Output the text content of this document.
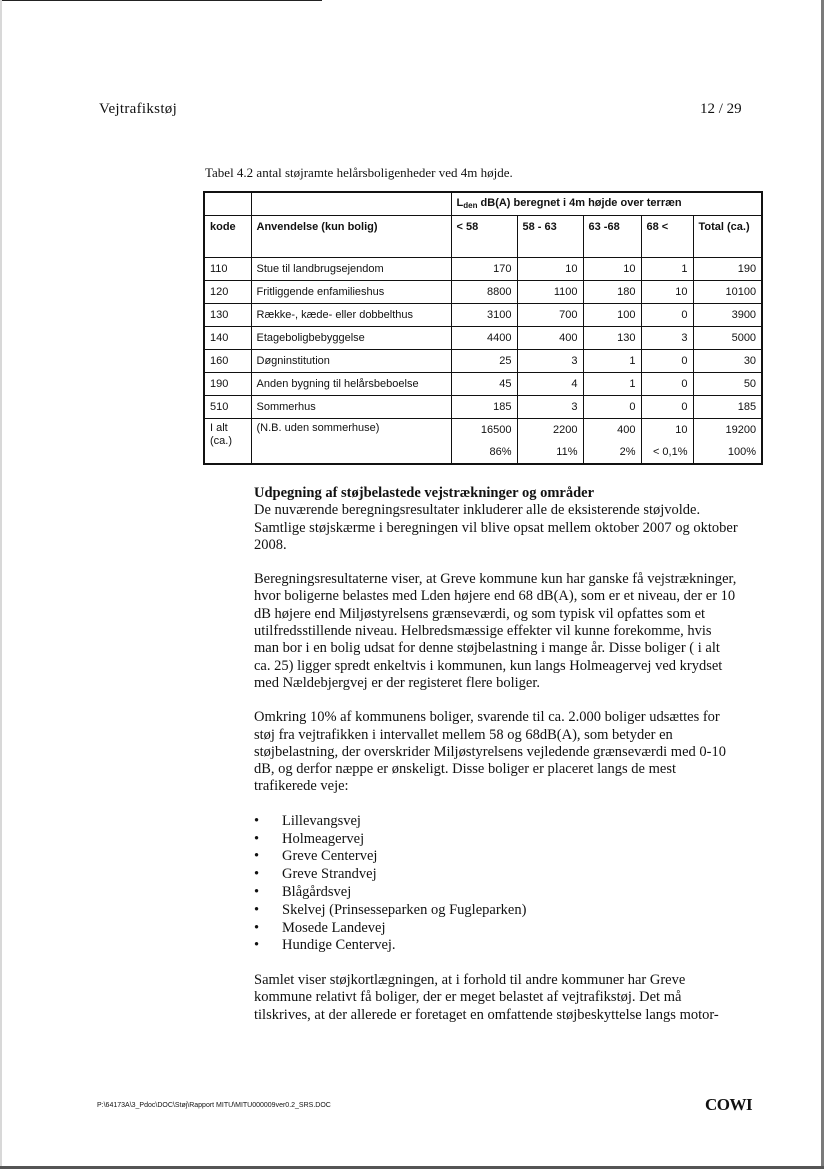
Vejtrafikstøj	12 / 29
Tabel 4.2 antal støjramte helårsboligenheder ved 4m højde.
		$L_{den}$ dB(A) beregnet i 4m højde over terræn				
kode	Anvendelse (kun bolig)	< 58	58 - 63	63 -68	68 <	Total (ca.)
110	Stue til landbrugsejendom	170	10	10	1	190
120	Fritliggende enfamilieshus	8800	1100	180	10	10100
130	Række-, kæde- eller dobbelthus	3100	700	100	0	3900
140	Etageboligbebyggelse	4400	400	130	3	5000
160	Døgninstitution	25	3	1	0	30
190	Anden bygning til helårsbeboelse	45	4	1	0	50
510	Sommerhus	185	3	0	0	185
I alt (ca.)	(N.B. uden sommerhuse)	16500	2200	400	10	19200
		86%	11%	2%	< 0,1%	100%
Udpegning af støjbelastede vejstrækninger og områder

De nuværende beregningsresultater inkluderer alle de eksisterende støjvolde. Samtlige støjskærme i beregningen vil blive opsat mellem oktober 2007 og oktober 2008.

Beregningsresultaterne viser, at Greve kommune kun har ganske få vejstrækninger, hvor boligerne belastes med Lden højere end 68 dB(A), som er et niveau, der er 10 dB højere end Miljøstyrelsens grænseværdi, og som typisk vil opfattes som et utilfredsstillende niveau. Helbredsmæssige effekter vil kunne forekomme, hvis man bor i en bolig udsat for denne støjbelastning i mange år. Disse boliger ( i alt ca. 25) ligger spredt enkeltvis i kommunen, kun langs Holmeagervej ved krydset med Nældebjergvej er der registeret flere boliger.

Omkring 10% af kommunens boliger, svarende til ca. 2.000 boliger udsættes for støj fra vejtrafikken i intervallet mellem 58 og 68dB(A), som betyder en støjbelastning, der overskrider Miljøstyrelsens vejledende grænseværdi med 0-10 dB, og derfor næppe er ønskeligt. Disse boliger er placeret langs de mest trafikerede veje:

• Lillevangsvej
• Holmeagervej
• Greve Centervej
• Greve Strandvej
• Blågårdsvej
• Skelvej (Prinsesseparken og Fugleparken)
• Mosede Landevej
• Hundige Centervej.

Samlet viser støjkortlægningen, at i forhold til andre kommuner har Greve kommune relativt få boliger, der er meget belastet af vejtrafikstøj. Det må tilskrives, at der allerede er foretaget en omfattende støjbeskyttelse langs motor-

P:\64173A\3_Pdoc\DOC\Støj\Rapport MITU\MITU000009ver0.2_SRS.DOC	COWI
